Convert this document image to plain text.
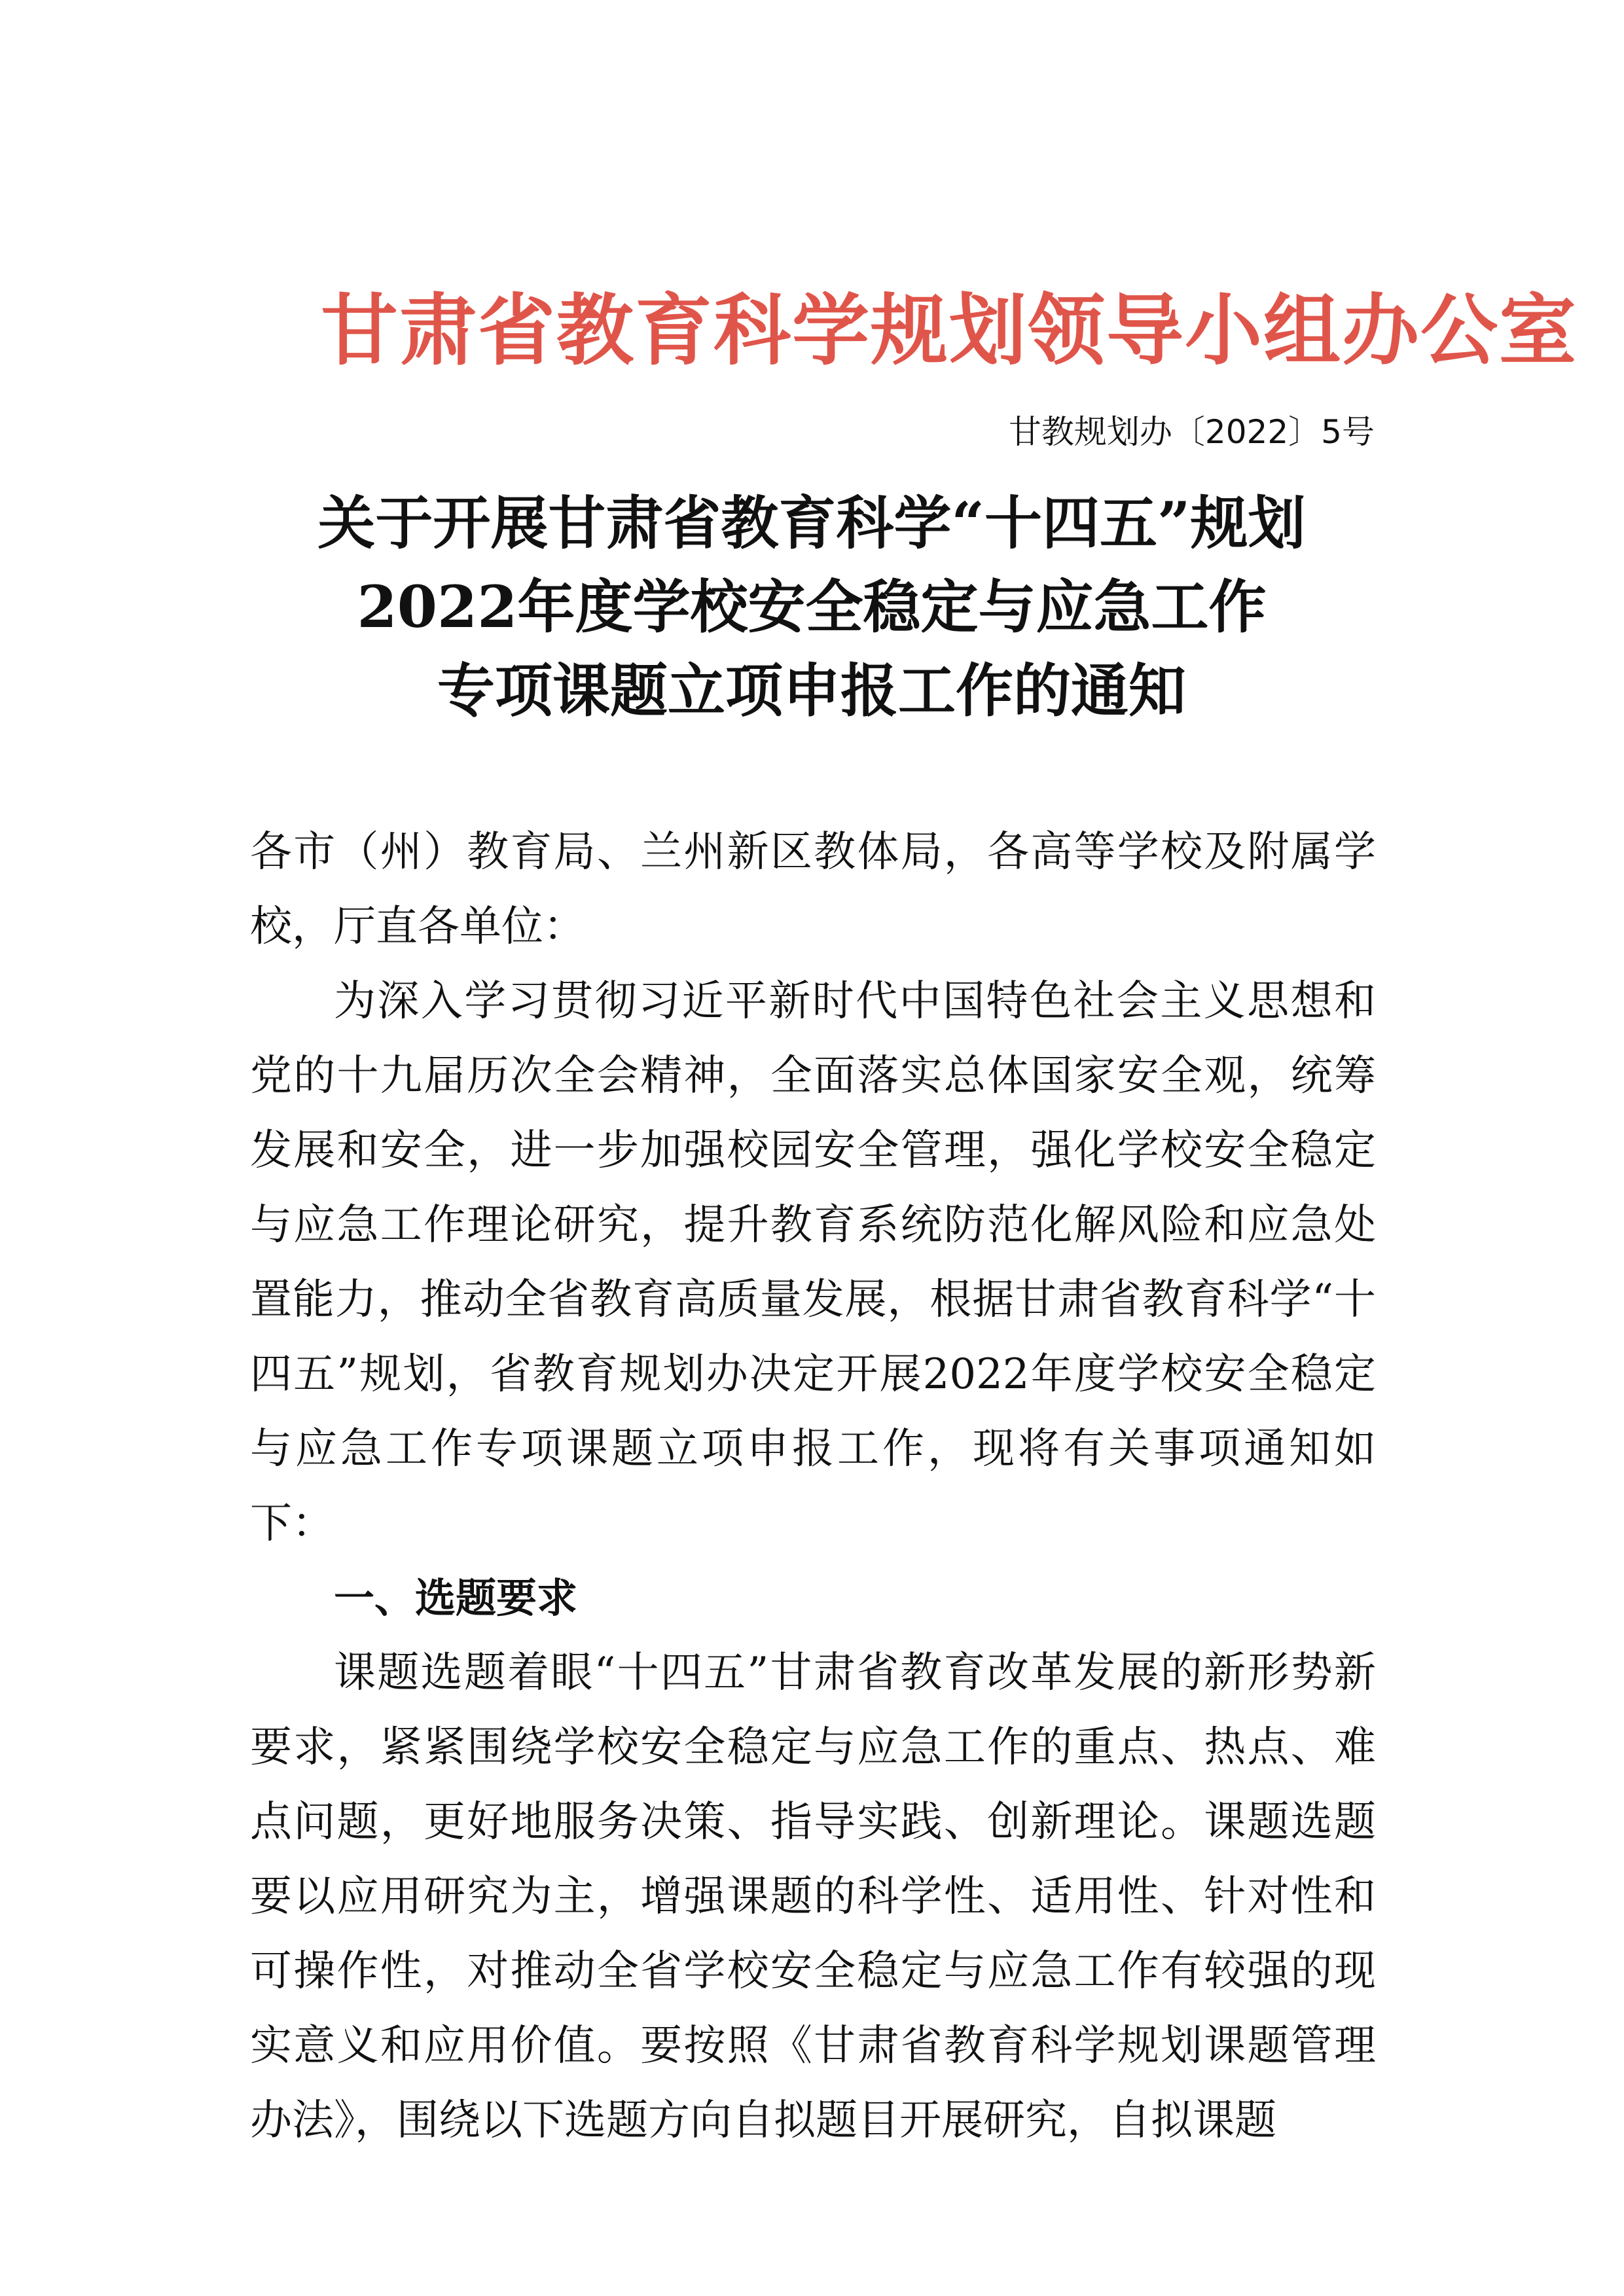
甘肃省教育科学规划领导小组办公室
甘教规划办〔2022〕5号
关于开展甘肃省教育科学“十四五”规划
2022年度学校安全稳定与应急工作
专项课题立项申报工作的通知

各市（州）教育局、兰州新区教体局，各高等学校及附属学校，厅直各单位：

为深入学习贯彻习近平新时代中国特色社会主义思想和党的十九届历次全会精神，全面落实总体国家安全观，统筹发展和安全，进一步加强校园安全管理，强化学校安全稳定与应急工作理论研究，提升教育系统防范化解风险和应急处置能力，推动全省教育高质量发展，根据甘肃省教育科学“十四五”规划，省教育规划办决定开展2022年度学校安全稳定与应急工作专项课题立项申报工作，现将有关事项通知如下：

一、选题要求

课题选题着眼“十四五”甘肃省教育改革发展的新形势新要求，紧紧围绕学校安全稳定与应急工作的重点、热点、难点问题，更好地服务决策、指导实践、创新理论。课题选题要以应用研究为主，增强课题的科学性、适用性、针对性和可操作性，对推动全省学校安全稳定与应急工作有较强的现实意义和应用价值。要按照《甘肃省教育科学规划课题管理办法》，围绕以下选题方向自拟题目开展研究，自拟课题
